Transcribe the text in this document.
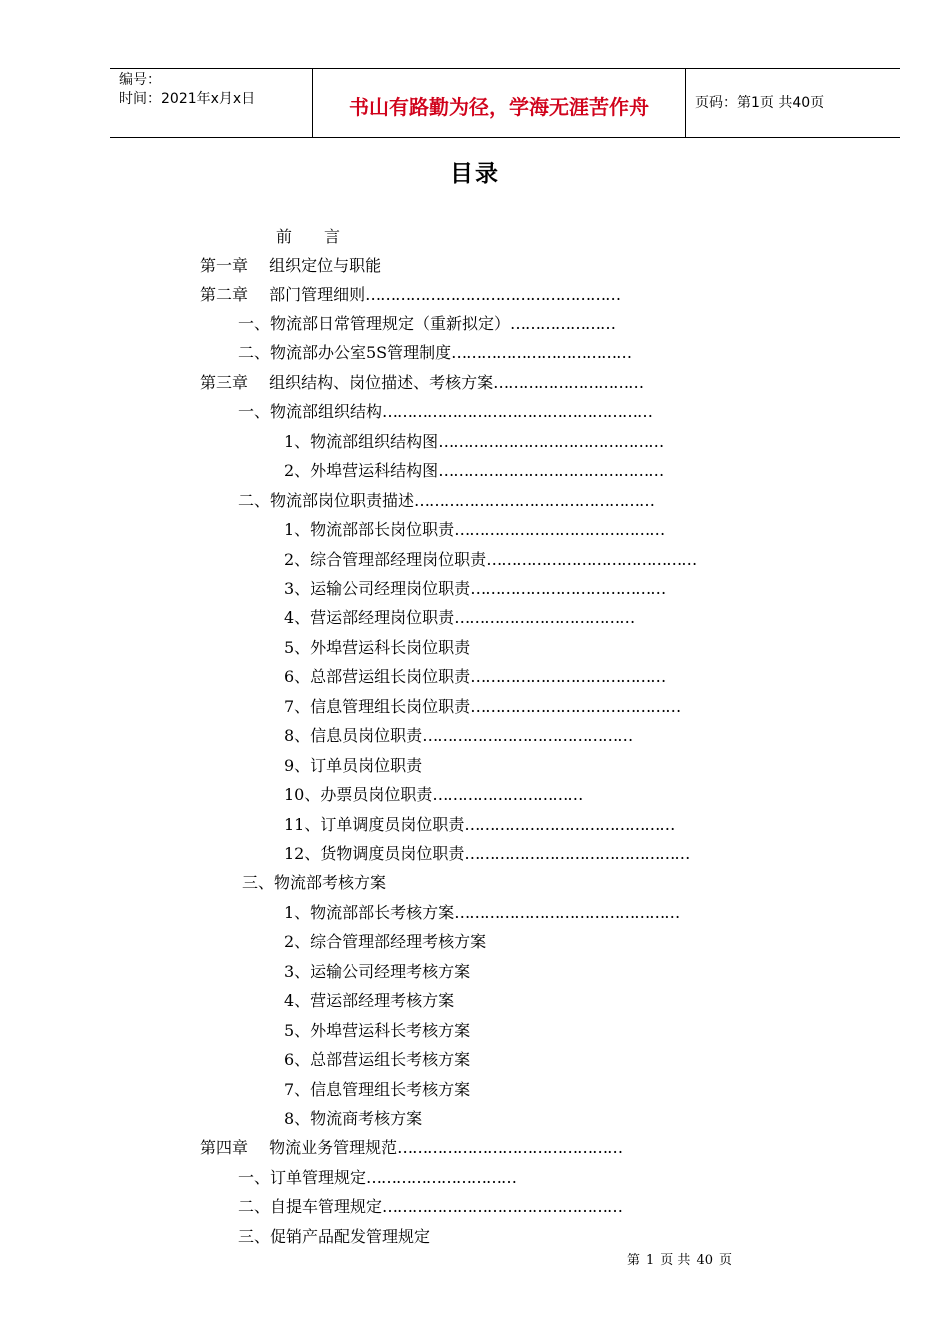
编号：
时间：2021年x月x日	书山有路勤为径，学海无涯苦作舟	页码：第1页 共40页
目录
前　　言
第一章　 组织定位与职能
第二章　 部门管理细则……………………………………………
一、物流部日常管理规定（重新拟定）…………………
二、物流部办公室5S管理制度………………………………
第三章　 组织结构、岗位描述、考核方案…………………………
一、物流部组织结构………………………………………………
1、物流部组织结构图………………………………………
2、外埠营运科结构图………………………………………
二、物流部岗位职责描述…………………………………………
1、物流部部长岗位职责……………………………………
2、综合管理部经理岗位职责……………………………………
3、运输公司经理岗位职责…………………………………
4、营运部经理岗位职责………………………………
5、外埠营运科长岗位职责
6、总部营运组长岗位职责…………………………………
7、信息管理组长岗位职责……………………………………
8、信息员岗位职责……………………………………
9、订单员岗位职责
10、办票员岗位职责…………………………
11、订单调度员岗位职责……………………………………
12、货物调度员岗位职责………………………………………
三、物流部考核方案
1、物流部部长考核方案………………………………………
2、综合管理部经理考核方案
3、运输公司经理考核方案
4、营运部经理考核方案
5、外埠营运科长考核方案
6、总部营运组长考核方案
7、信息管理组长考核方案
8、物流商考核方案
第四章　 物流业务管理规范………………………………………
一、订单管理规定…………………………
二、自提车管理规定…………………………………………
三、促销产品配发管理规定
第 1 页 共 40 页
